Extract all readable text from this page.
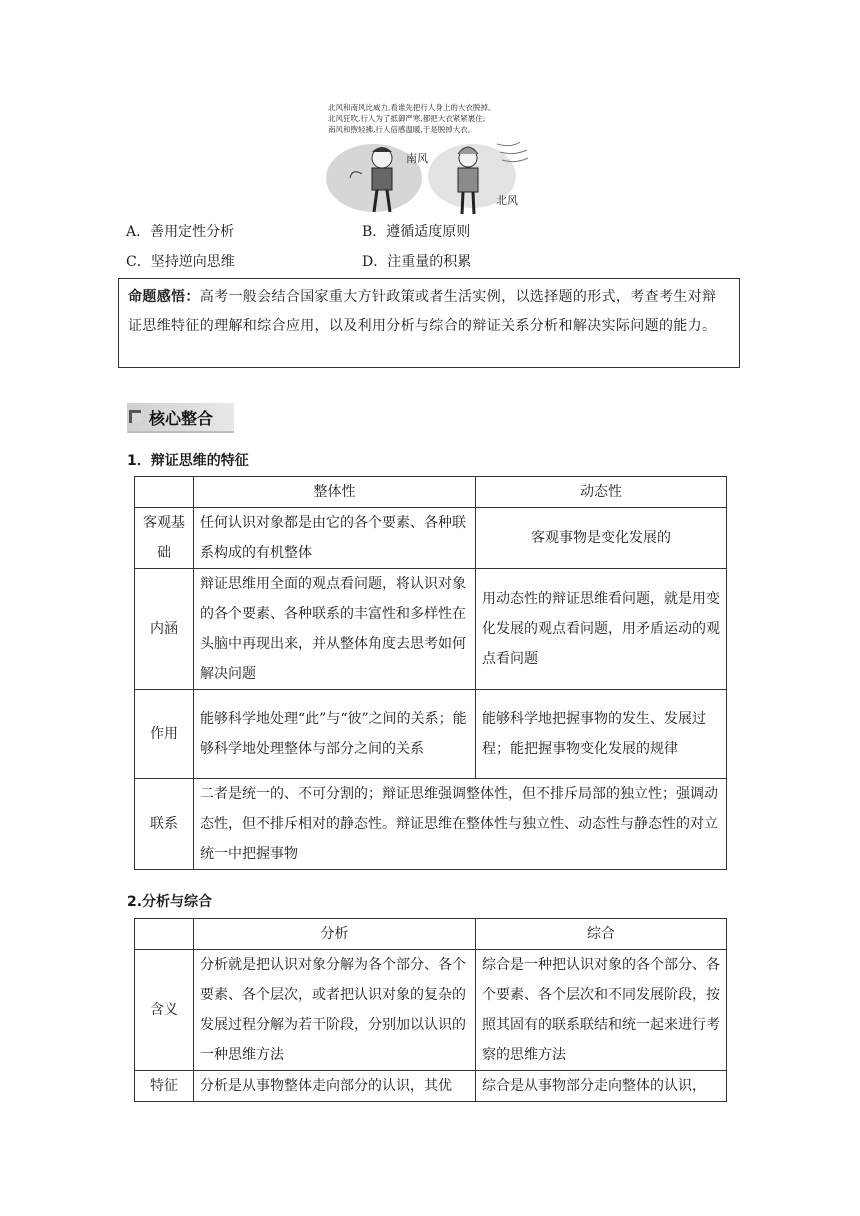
北风和南风比威力,看谁先把行人身上的大衣脱掉。
北风狂吹,行人为了抵御严寒,都把大衣紧紧裹住;
南风和煦轻拂,行人倍感温暖,于是脱掉大衣。
南风
北风
A．善用定性分析	B．遵循适度原则
C．坚持逆向思维	D．注重量的积累

命题感悟：高考一般会结合国家重大方针政策或者生活实例，以选择题的形式，考查考生对辩证思维特征的理解和综合应用，以及利用分析与综合的辩证关系分析和解决实际问题的能力。

核心整合
1．辩证思维的特征
	整体性	动态性
客观基础	任何认识对象都是由它的各个要素、各种联系构成的有机整体	客观事物是变化发展的
内涵	辩证思维用全面的观点看问题，将认识对象的各个要素、各种联系的丰富性和多样性在头脑中再现出来，并从整体角度去思考如何解决问题	用动态性的辩证思维看问题，就是用变化发展的观点看问题，用矛盾运动的观点看问题
作用	能够科学地处理“此”与“彼”之间的关系；能够科学地处理整体与部分之间的关系	能够科学地把握事物的发生、发展过程；能把握事物变化发展的规律
联系	二者是统一的、不可分割的；辩证思维强调整体性，但不排斥局部的独立性；强调动态性，但不排斥相对的静态性。辩证思维在整体性与独立性、动态性与静态性的对立统一中把握事物	
2.分析与综合
	分析	综合
含义	分析就是把认识对象分解为各个部分、各个要素、各个层次，或者把认识对象的复杂的发展过程分解为若干阶段，分别加以认识的一种思维方法	综合是一种把认识对象的各个部分、各个要素、各个层次和不同发展阶段，按照其固有的联系联结和统一起来进行考察的思维方法
特征	分析是从事物整体走向部分的认识，其优	综合是从事物部分走向整体的认识，
